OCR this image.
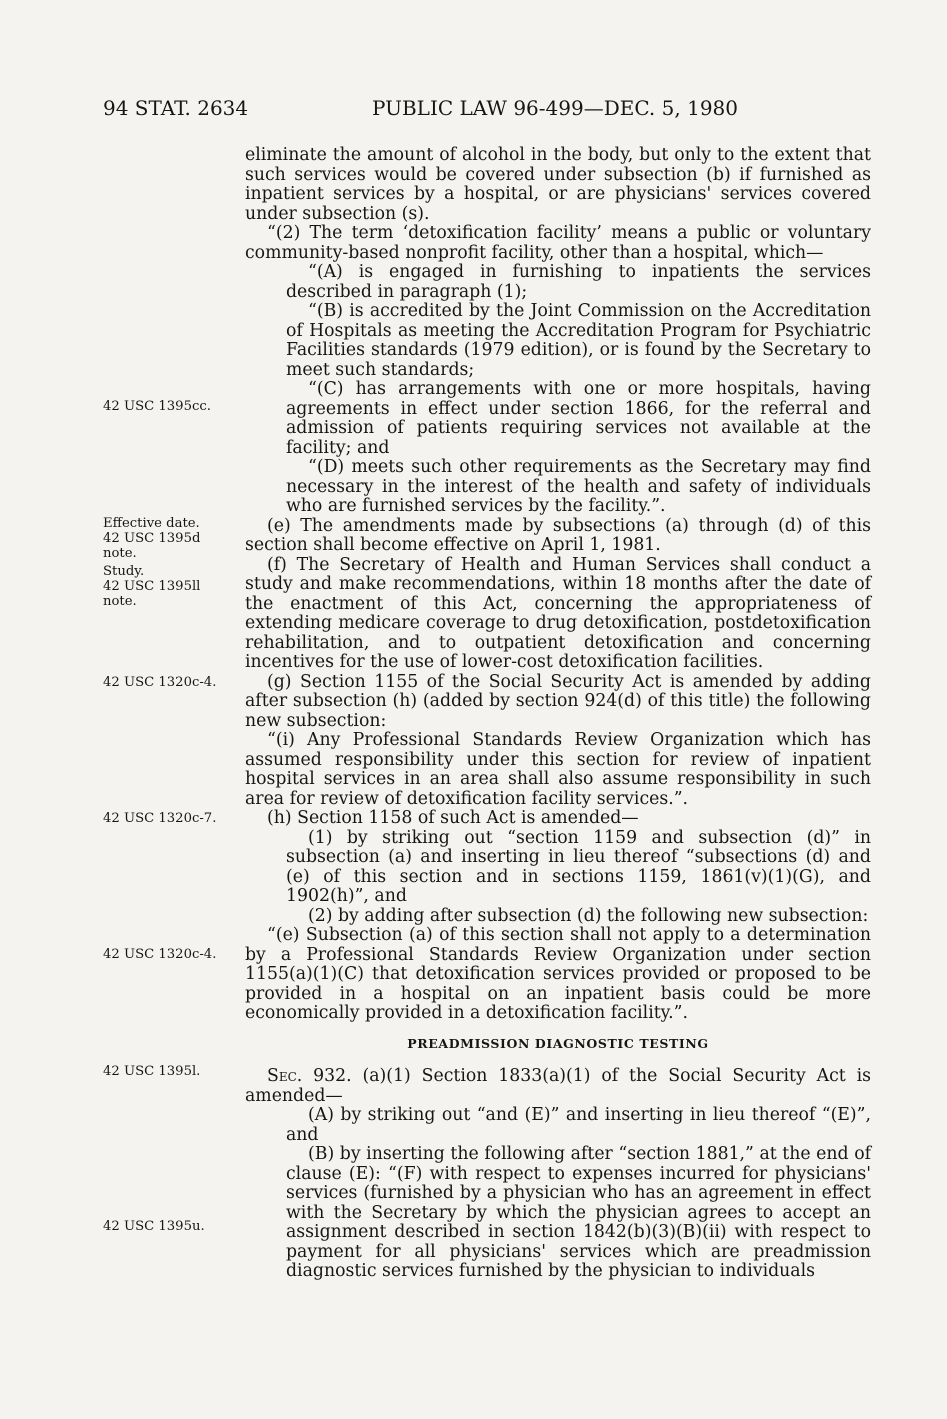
94 STAT. 2634	PUBLIC LAW 96-499—DEC. 5, 1980
42 USC 1395cc.
Effective date.
42 USC 1395d
note.
Study.
42 USC 1395ll
note.
42 USC 1320c-4.
42 USC 1320c-7.
42 USC 1320c-4.
42 USC 1395l.
42 USC 1395u.

eliminate the amount of alcohol in the body, but only to the extent that such services would be covered under subsection (b) if furnished as inpatient services by a hospital, or are physicians' services covered under subsection (s).

“(2) The term ‘detoxification facility’ means a public or voluntary community-based nonprofit facility, other than a hospital, which—

“(A) is engaged in furnishing to inpatients the services described in paragraph (1);

“(B) is accredited by the Joint Commission on the Accreditation of Hospitals as meeting the Accreditation Program for Psychiatric Facilities standards (1979 edition), or is found by the Secretary to meet such standards;

“(C) has arrangements with one or more hospitals, having agreements in effect under section 1866, for the referral and admission of patients requiring services not available at the facility; and

“(D) meets such other requirements as the Secretary may find necessary in the interest of the health and safety of individuals who are furnished services by the facility.”.

(e) The amendments made by subsections (a) through (d) of this section shall become effective on April 1, 1981.

(f) The Secretary of Health and Human Services shall conduct a study and make recommendations, within 18 months after the date of the enactment of this Act, concerning the appropriateness of extending medicare coverage to drug detoxification, postdetoxification rehabilitation, and to outpatient detoxification and concerning incentives for the use of lower-cost detoxification facilities.

(g) Section 1155 of the Social Security Act is amended by adding after subsection (h) (added by section 924(d) of this title) the following new subsection:

“(i) Any Professional Standards Review Organization which has assumed responsibility under this section for review of inpatient hospital services in an area shall also assume responsibility in such area for review of detoxification facility services.”.

(h) Section 1158 of such Act is amended—

(1) by striking out “section 1159 and subsection (d)” in subsection (a) and inserting in lieu thereof “subsections (d) and (e) of this section and in sections 1159, 1861(v)(1)(G), and 1902(h)”, and

(2) by adding after subsection (d) the following new subsection:

“(e) Subsection (a) of this section shall not apply to a determination by a Professional Standards Review Organization under section 1155(a)(1)(C) that detoxification services provided or proposed to be provided in a hospital on an inpatient basis could be more economically provided in a detoxification facility.”.

PREADMISSION DIAGNOSTIC TESTING

Sec. 932. (a)(1) Section 1833(a)(1) of the Social Security Act is amended—

(A) by striking out “and (E)” and inserting in lieu thereof “(E)”, and

(B) by inserting the following after “section 1881,” at the end of clause (E): “(F) with respect to expenses incurred for physicians' services (furnished by a physician who has an agreement in effect with the Secretary by which the physician agrees to accept an assignment described in section 1842(b)(3)(B)(ii) with respect to payment for all physicians' services which are preadmission diagnostic services furnished by the physician to individuals
